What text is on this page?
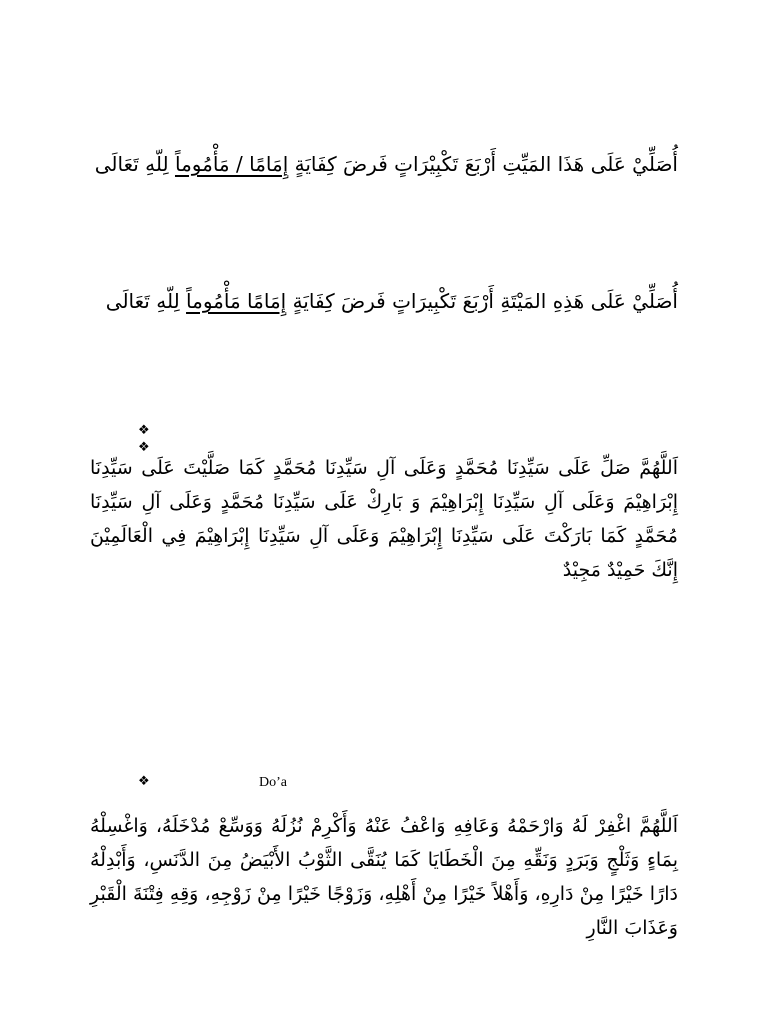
أُصَلِّيْ عَلَى هَذَا المَيِّتِ أَرْبَعَ تَكْبِيْرَاتٍ فَرضَ كِفَايَةٍ إِمَامًا / مَأْمُوماً لِلّهِ تَعَالَى
أُصَلِّيْ عَلَى هَذِهِ المَيْتَةِ أَرْبَعَ تَكْبِيرَاتٍ فَرضَ كِفَايَةٍ إِمَامًا مَأْمُوماً لِلّهِ تَعَالَى
❖
❖
اَللَّهُمَّ صَلِّ عَلَى سَيِّدِنَا مُحَمَّدٍ وَعَلَى آلِ سَيِّدِنَا مُحَمَّدٍ كَمَا صَلَّيْتَ عَلَى سَيِّدِنَا إِبْرَاهِيْمَ وَعَلَى آلِ سَيِّدِنَا إِبْرَاهِيْمَ وَ بَارِكْ عَلَى سَيِّدِنَا مُحَمَّدٍ وَعَلَى آلِ سَيِّدِنَا مُحَمَّدٍ كَمَا بَارَكْتَ عَلَى سَيِّدِنَا إِبْرَاهِيْمَ وَعَلَى آلِ سَيِّدِنَا إِبْرَاهِيْمَ فِي الْعَالَمِيْنَ إِنَّكَ حَمِيْدٌ مَجِيْدٌ
❖	Do’a
اَللَّهُمَّ اغْفِرْ لَهُ وَارْحَمْهُ وَعَافِهِ وَاعْفُ عَنْهُ وَأَكْرِمْ نُزُلَهُ وَوَسِّعْ مُدْخَلَهُ، وَاغْسِلْهُ بِمَاءٍ وَثَلْجٍ وَبَرَدٍ وَنَقِّهِ مِنَ الْخَطَايَا كَمَا يُنَقَّى الثَّوْبُ الأَبْيَضُ مِنَ الدَّنَسِ، وَأَبْدِلْهُ دَارًا خَيْرًا مِنْ دَارِهِ، وَأَهْلاً خَيْرًا مِنْ أَهْلِهِ، وَزَوْجًا خَيْرًا مِنْ زَوْجِهِ، وَقِهِ فِتْنَةَ الْقَبْرِ وَعَذَابَ النَّارِ
